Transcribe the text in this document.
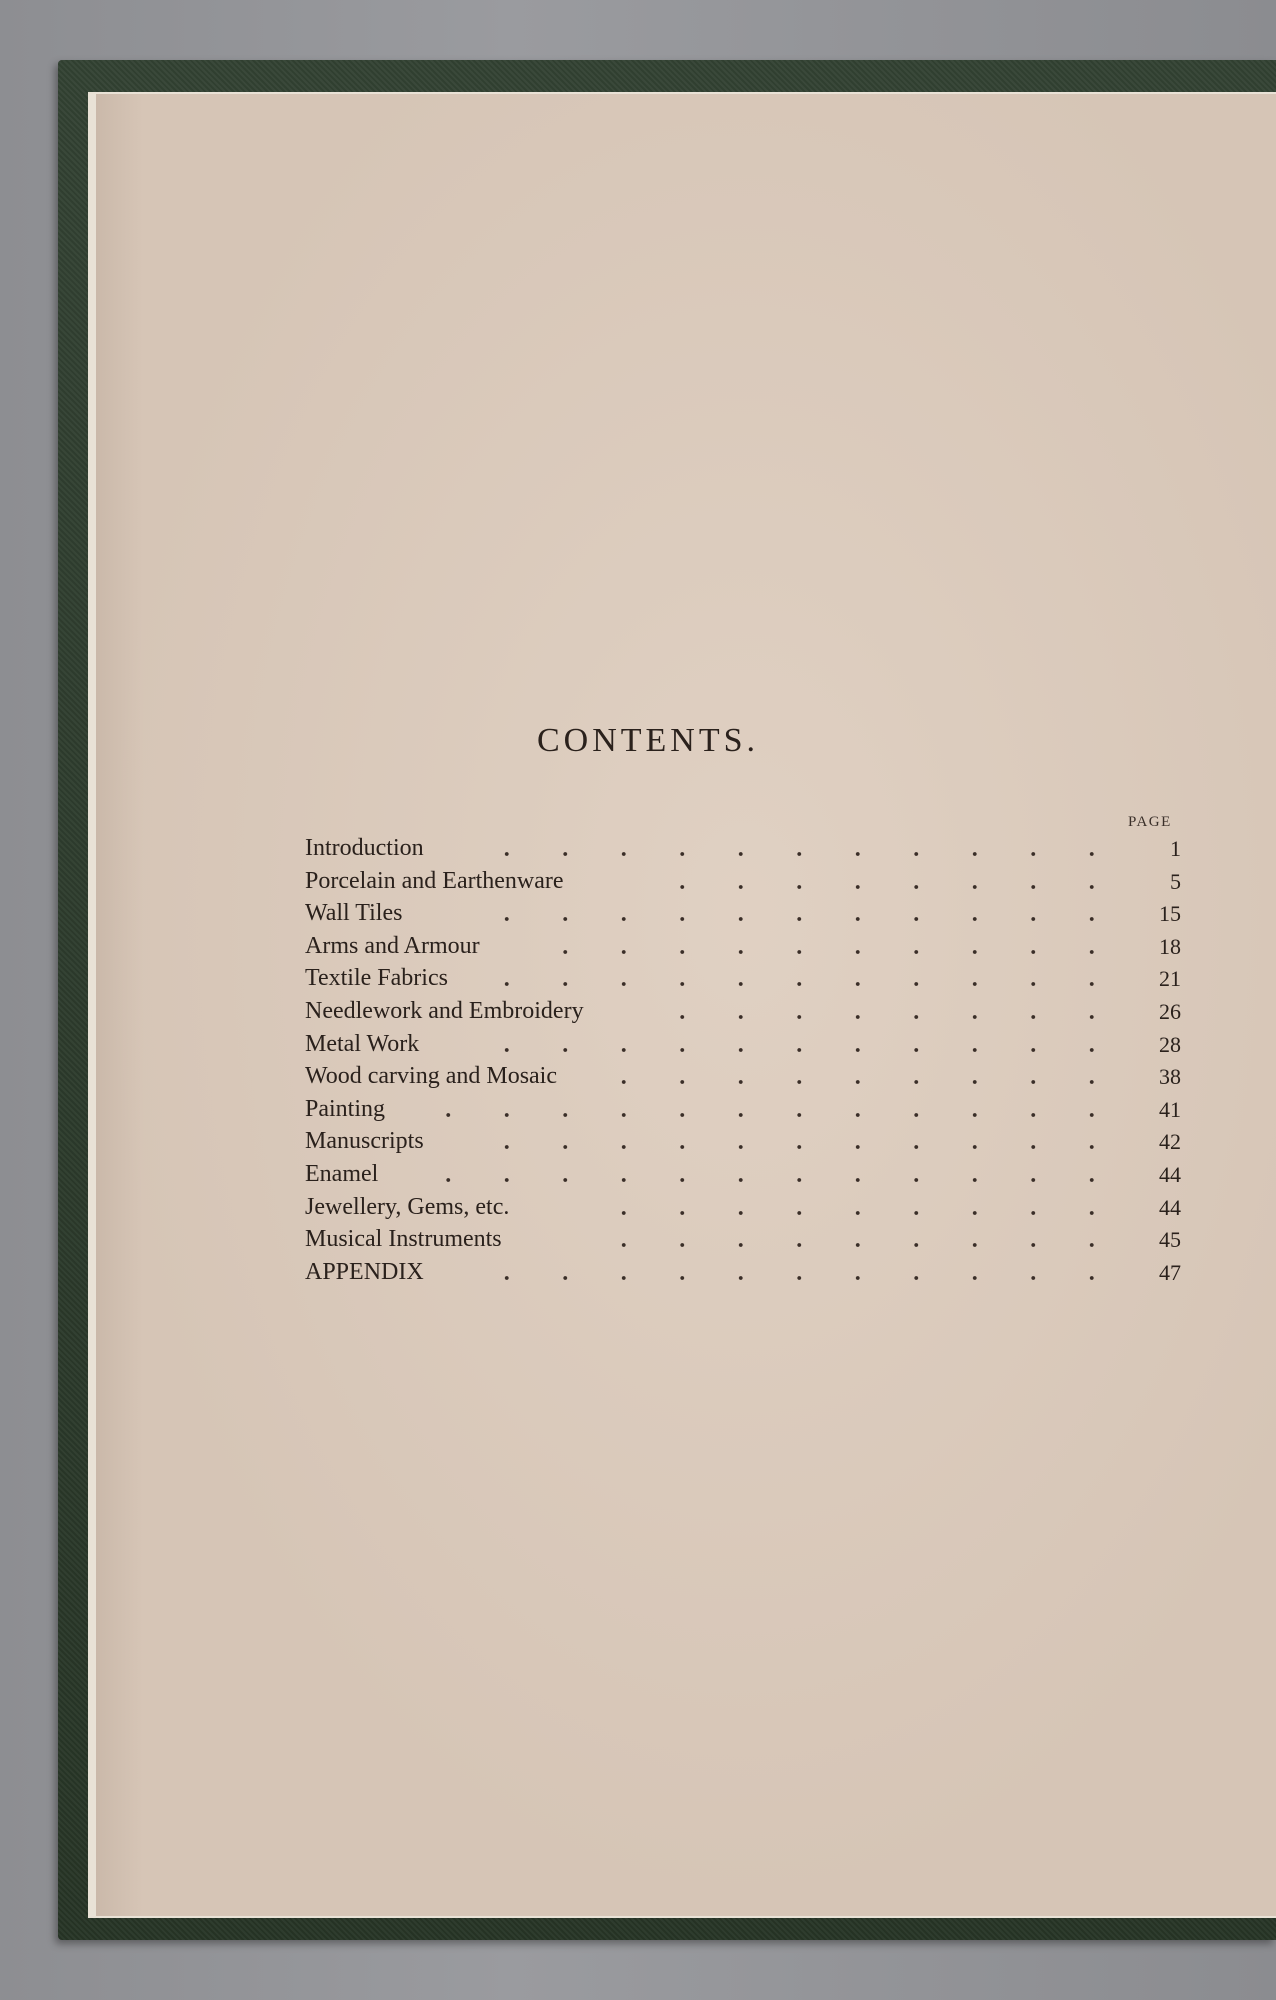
CONTENTS.
PAGE
Introduction	1
Porcelain and Earthenware	5
Wall Tiles	15
Arms and Armour	18
Textile Fabrics	21
Needlework and Embroidery	26
Metal Work	28
Wood carving and Mosaic	38
Painting	41
Manuscripts	42
Enamel	44
Jewellery, Gems, etc.	44
Musical Instruments	45
APPENDIX	47
